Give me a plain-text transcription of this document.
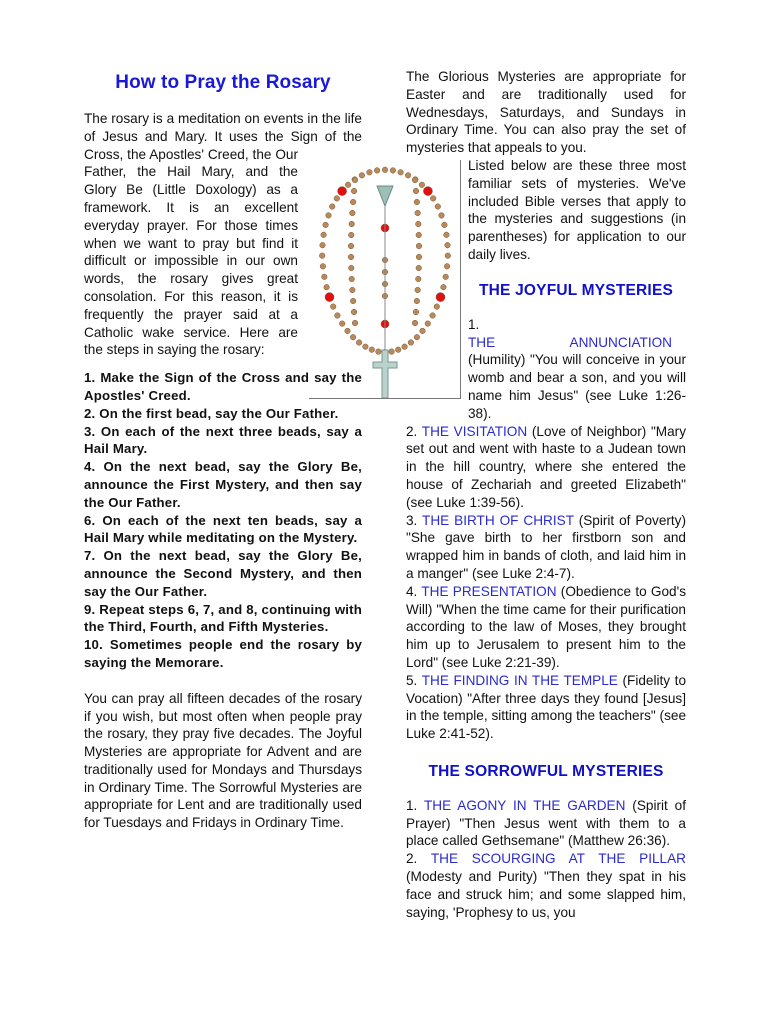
How to Pray the Rosary

The rosary is a meditation on events in the life of Jesus and Mary. It uses the Sign of the Cross, the Apostles' Creed, the Our Father, the Hail Mary, and the Glory Be (Little Doxology) as a framework. It is an excellent everyday prayer. For those times when we want to pray but find it difficult or impossible in our own words, the rosary gives great consolation. For this reason, it is frequently the prayer said at a Catholic wake service. Here are the steps in saying the rosary:

1. Make the Sign of the Cross and say the Apostles' Creed.
2. On the first bead, say the Our Father.
3. On each of the next three beads, say a Hail Mary.
4. On the next bead, say the Glory Be, announce the First Mystery, and then say the Our Father.
6. On each of the next ten beads, say a Hail Mary while meditating on the Mystery.
7. On the next bead, say the Glory Be, announce the Second Mystery, and then say the Our Father.
9. Repeat steps 6, 7, and 8, continuing with the Third, Fourth, and Fifth Mysteries.
10. Sometimes people end the rosary by saying the Memorare.

You can pray all fifteen decades of the rosary if you wish, but most often when people pray the rosary, they pray five decades. The Joyful Mysteries are appropriate for Advent and are traditionally used for Mondays and Thursdays in Ordinary Time. The Sorrowful Mysteries are appropriate for Lent and are traditionally used for Tuesdays and Fridays in Ordinary Time.

The Glorious Mysteries are appropriate for Easter and are traditionally used for Wednesdays, Saturdays, and Sundays in Ordinary Time. You can also pray the set of mysteries that appeals to you.

Listed below are these three most familiar sets of mysteries. We've included Bible verses that apply to the mysteries and suggestions (in parentheses) for application to our daily lives.

THE JOYFUL MYSTERIES

1. THE ANNUNCIATION (Humility) "You will conceive in your womb and bear a son, and you will name him Jesus" (see Luke 1:26-38).

2. THE VISITATION (Love of Neighbor) "Mary set out and went with haste to a Judean town in the hill country, where she entered the house of Zechariah and greeted Elizabeth" (see Luke 1:39-56).

3. THE BIRTH OF CHRIST (Spirit of Poverty) "She gave birth to her firstborn son and wrapped him in bands of cloth, and laid him in a manger" (see Luke 2:4-7).

4. THE PRESENTATION (Obedience to God's Will) "When the time came for their purification according to the law of Moses, they brought him up to Jerusalem to present him to the Lord" (see Luke 2:21-39).

5. THE FINDING IN THE TEMPLE (Fidelity to Vocation) "After three days they found [Jesus] in the temple, sitting among the teachers" (see Luke 2:41-52).

THE SORROWFUL MYSTERIES

1. THE AGONY IN THE GARDEN (Spirit of Prayer) "Then Jesus went with them to a place called Gethsemane" (Matthew 26:36).

2. THE SCOURGING AT THE PILLAR (Modesty and Purity) "Then they spat in his face and struck him; and some slapped him, saying, 'Prophesy to us, you
